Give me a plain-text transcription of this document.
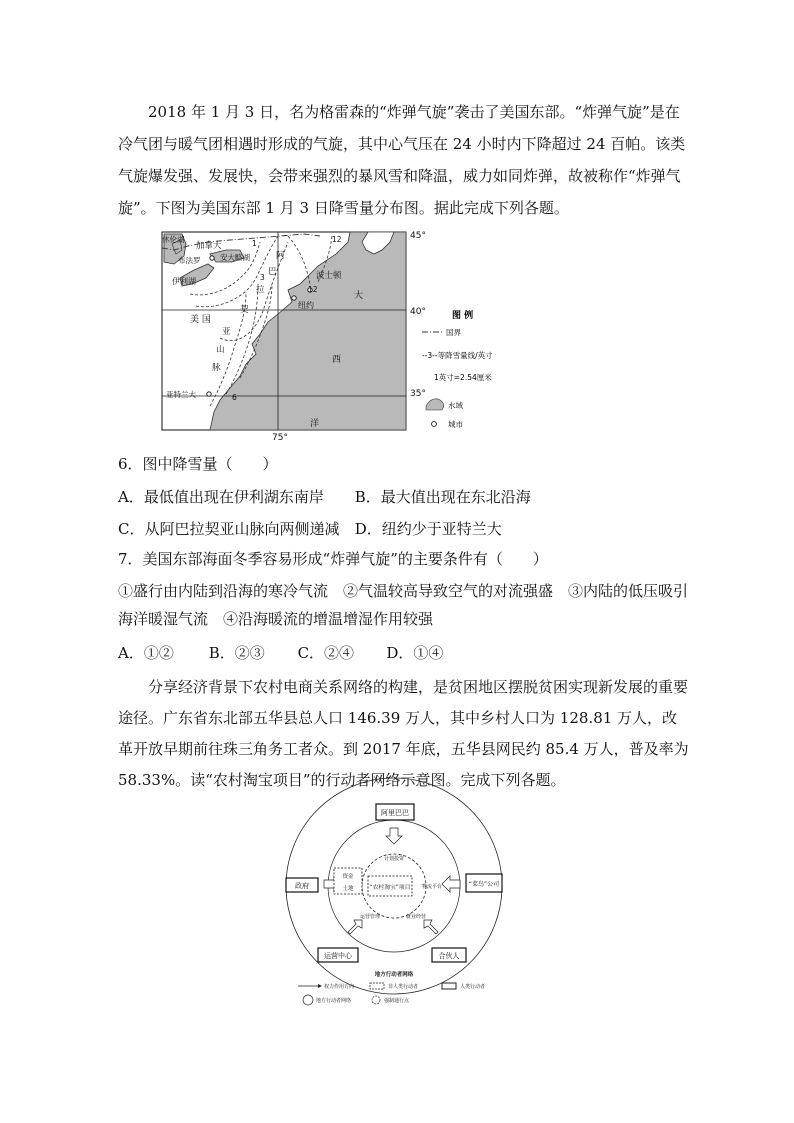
2018 年 1 月 3 日，名为格雷森的“炸弹气旋”袭击了美国东部。“炸弹气旋”是在冷气团与暖气团相遇时形成的气旋，其中心气压在 24 小时内下降超过 24 百帕。该类气旋爆发强、发展快，会带来强烈的暴风雪和降温，威力如同炸弹，故被称作“炸弹气旋”。下图为美国东部 1 月 3 日降雪量分布图。据此完成下列各题。

45°
40°
35°
75°
加拿大
休伦湖
布法罗	安大略湖
伊利湖
阿
巴
拉
契
美 国
亚
山
脉
波士顿
纽约
亚特兰大
大
西
洋
1
3
6
12
12
图 例
国界
--3--等降雪量线/英寸
1英寸=2.54厘米
水域
城市

6．图中降雪量（　　）

A．最低值出现在伊利湖东南岸 B．最大值出现在东北沿海

C．从阿巴拉契亚山脉向两侧递减 D．纽约少于亚特兰大

7．美国东部海面冬季容易形成“炸弹气旋”的主要条件有（　　）

①盛行由内陆到沿海的寒冷气流　②气温较高导致空气的对流强盛　③内陆的低压吸引海洋暖湿气流　④沿海暖流的增温增湿作用较强

A．①② B．②③ C．②④ D．①④

分享经济背景下农村电商关系网络的构建，是贫困地区摆脱贫困实现新发展的重要途径。广东省东北部五华县总人口 146.39 万人，其中乡村人口为 128.81 万人，改革开放早期前往珠三角务工者众。到 2017 年底，五华县网民约 85.4 万人，普及率为 58.33%。读“农村淘宝项目”的行动者网络示意图。完成下列各题。

阿里巴巴
政府	“菜鸟”公司
运营中心	合伙人
资金
土地	“农村淘宝”项目
计划投资
物流平台
运营管理	就业经营
地方行动者网络
权力作用方向	非人类行动者	人类行动者
地方行动者网络	强制通行点
